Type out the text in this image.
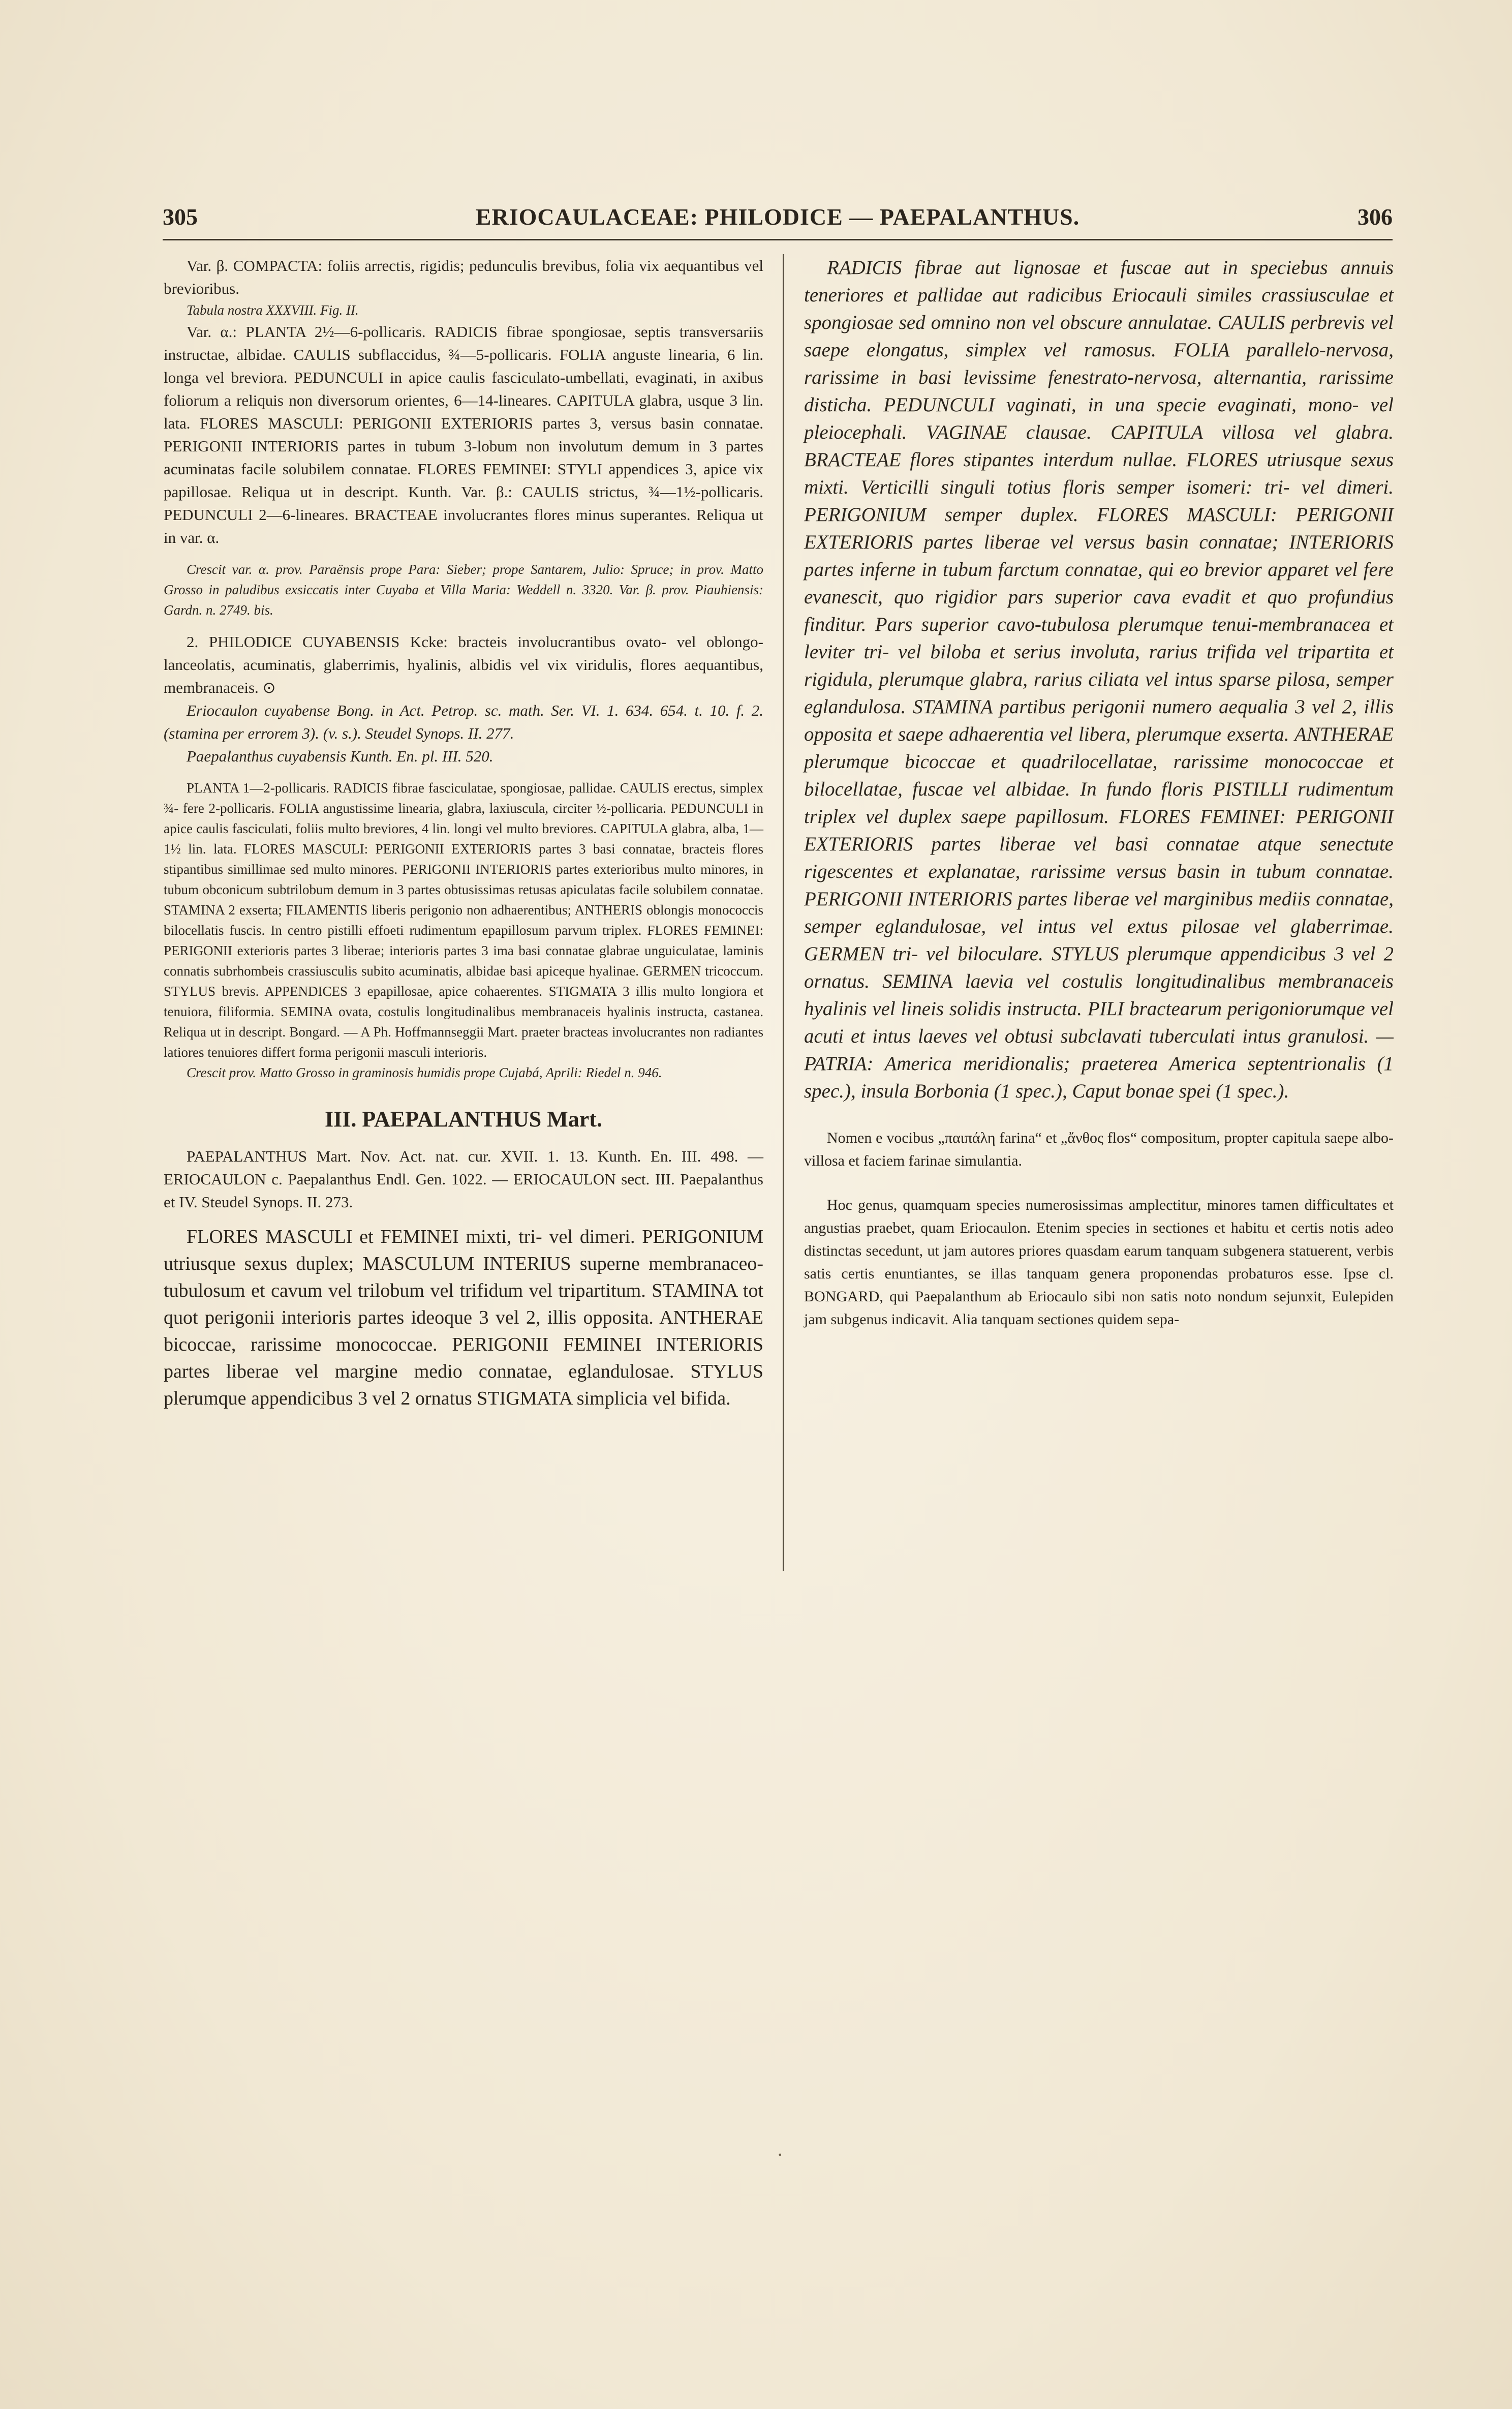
305	ERIOCAULACEAE: PHILODICE — PAEPALANTHUS.	306

Var. β. COMPACTA: foliis arrectis, rigidis; pedunculis brevibus, folia vix aequantibus vel brevioribus.

Tabula nostra XXXVIII. Fig. II.

Var. α.: PLANTA 2½—6-pollicaris. RADICIS fibrae spongiosae, septis transversariis instructae, albidae. CAULIS subflaccidus, ¾—5-pollicaris. FOLIA anguste linearia, 6 lin. longa vel breviora. PEDUNCULI in apice caulis fasciculato-umbellati, evaginati, in axibus foliorum a reliquis non diversorum orientes, 6—14-lineares. CAPITULA glabra, usque 3 lin. lata. FLORES MASCULI: PERIGONII EXTERIORIS partes 3, versus basin connatae. PERIGONII INTERIORIS partes in tubum 3-lobum non involutum demum in 3 partes acuminatas facile solubilem connatae. FLORES FEMINEI: STYLI appendices 3, apice vix papillosae. Reliqua ut in descript. Kunth. Var. β.: CAULIS strictus, ¾—1½-pollicaris. PEDUNCULI 2—6-lineares. BRACTEAE involucrantes flores minus superantes. Reliqua ut in var. α.

Crescit var. α. prov. Paraënsis prope Para: Sieber; prope Santarem, Julio: Spruce; in prov. Matto Grosso in paludibus exsiccatis inter Cuyaba et Villa Maria: Weddell n. 3320. Var. β. prov. Piauhiensis: Gardn. n. 2749. bis.

2. PHILODICE CUYABENSIS Kcke: bracteis involucrantibus ovato- vel oblongo-lanceolatis, acuminatis, glaberrimis, hyalinis, albidis vel vix viridulis, flores aequantibus, membranaceis. ⊙

Eriocaulon cuyabense Bong. in Act. Petrop. sc. math. Ser. VI. 1. 634. 654. t. 10. f. 2. (stamina per errorem 3). (v. s.). Steudel Synops. II. 277.

Paepalanthus cuyabensis Kunth. En. pl. III. 520.

PLANTA 1—2-pollicaris. RADICIS fibrae fasciculatae, spongiosae, pallidae. CAULIS erectus, simplex ¾- fere 2-pollicaris. FOLIA angustissime linearia, glabra, laxiuscula, circiter ½-pollicaria. PEDUNCULI in apice caulis fasciculati, foliis multo breviores, 4 lin. longi vel multo breviores. CAPITULA glabra, alba, 1—1½ lin. lata. FLORES MASCULI: PERIGONII EXTERIORIS partes 3 basi connatae, bracteis flores stipantibus simillimae sed multo minores. PERIGONII INTERIORIS partes exterioribus multo minores, in tubum obconicum subtrilobum demum in 3 partes obtusissimas retusas apiculatas facile solubilem connatae. STAMINA 2 exserta; FILAMENTIS liberis perigonio non adhaerentibus; ANTHERIS oblongis monococcis bilocellatis fuscis. In centro pistilli effoeti rudimentum epapillosum parvum triplex. FLORES FEMINEI: PERIGONII exterioris partes 3 liberae; interioris partes 3 ima basi connatae glabrae unguiculatae, laminis connatis subrhombeis crassiusculis subito acuminatis, albidae basi apiceque hyalinae. GERMEN tricoccum. STYLUS brevis. APPENDICES 3 epapillosae, apice cohaerentes. STIGMATA 3 illis multo longiora et tenuiora, filiformia. SEMINA ovata, costulis longitudinalibus membranaceis hyalinis instructa, castanea. Reliqua ut in descript. Bongard. — A Ph. Hoffmannseggii Mart. praeter bracteas involucrantes non radiantes latiores tenuiores differt forma perigonii masculi interioris.

Crescit prov. Matto Grosso in graminosis humidis prope Cujabá, Aprili: Riedel n. 946.

III. PAEPALANTHUS Mart.

PAEPALANTHUS Mart. Nov. Act. nat. cur. XVII. 1. 13. Kunth. En. III. 498. — ERIOCAULON c. Paepalanthus Endl. Gen. 1022. — ERIOCAULON sect. III. Paepalanthus et IV. Steudel Synops. II. 273.

FLORES MASCULI et FEMINEI mixti, tri- vel dimeri. PERIGONIUM utriusque sexus duplex; MASCULUM INTERIUS superne membranaceo-tubulosum et cavum vel trilobum vel trifidum vel tripartitum. STAMINA tot quot perigonii interioris partes ideoque 3 vel 2, illis opposita. ANTHERAE bicoccae, rarissime monococcae. PERIGONII FEMINEI INTERIORIS partes liberae vel margine medio connatae, eglandulosae. STYLUS plerumque appendicibus 3 vel 2 ornatus STIGMATA simplicia vel bifida.

RADICIS fibrae aut lignosae et fuscae aut in speciebus annuis teneriores et pallidae aut radicibus Eriocauli similes crassiusculae et spongiosae sed omnino non vel obscure annulatae. CAULIS perbrevis vel saepe elongatus, simplex vel ramosus. FOLIA parallelo-nervosa, rarissime in basi levissime fenestrato-nervosa, alternantia, rarissime disticha. PEDUNCULI vaginati, in una specie evaginati, mono- vel pleiocephali. VAGINAE clausae. CAPITULA villosa vel glabra. BRACTEAE flores stipantes interdum nullae. FLORES utriusque sexus mixti. Verticilli singuli totius floris semper isomeri: tri- vel dimeri. PERIGONIUM semper duplex. FLORES MASCULI: PERIGONII EXTERIORIS partes liberae vel versus basin connatae; INTERIORIS partes inferne in tubum farctum connatae, qui eo brevior apparet vel fere evanescit, quo rigidior pars superior cava evadit et quo profundius finditur. Pars superior cavo-tubulosa plerumque tenui-membranacea et leviter tri- vel biloba et serius involuta, rarius trifida vel tripartita et rigidula, plerumque glabra, rarius ciliata vel intus sparse pilosa, semper eglandulosa. STAMINA partibus perigonii numero aequalia 3 vel 2, illis opposita et saepe adhaerentia vel libera, plerumque exserta. ANTHERAE plerumque bicoccae et quadrilocellatae, rarissime monococcae et bilocellatae, fuscae vel albidae. In fundo floris PISTILLI rudimentum triplex vel duplex saepe papillosum. FLORES FEMINEI: PERIGONII EXTERIORIS partes liberae vel basi connatae atque senectute rigescentes et explanatae, rarissime versus basin in tubum connatae. PERIGONII INTERIORIS partes liberae vel marginibus mediis connatae, semper eglandulosae, vel intus vel extus pilosae vel glaberrimae. GERMEN tri- vel biloculare. STYLUS plerumque appendicibus 3 vel 2 ornatus. SEMINA laevia vel costulis longitudinalibus membranaceis hyalinis vel lineis solidis instructa. PILI bractearum perigoniorumque vel acuti et intus laeves vel obtusi subclavati tuberculati intus granulosi. — PATRIA: America meridionalis; praeterea America septentrionalis (1 spec.), insula Borbonia (1 spec.), Caput bonae spei (1 spec.).

Nomen e vocibus „παιπάλη farina“ et „ἄνθος flos“ compositum, propter capitula saepe albo-villosa et faciem farinae simulantia.

Hoc genus, quamquam species numerosissimas amplectitur, minores tamen difficultates et angustias praebet, quam Eriocaulon. Etenim species in sectiones et habitu et certis notis adeo distinctas secedunt, ut jam autores priores quasdam earum tanquam subgenera statuerent, verbis satis certis enuntiantes, se illas tanquam genera proponendas probaturos esse. Ipse cl. BONGARD, qui Paepalanthum ab Eriocaulo sibi non satis noto nondum sejunxit, Eulepiden jam subgenus indicavit. Alia tanquam sectiones quidem sepa-

•
